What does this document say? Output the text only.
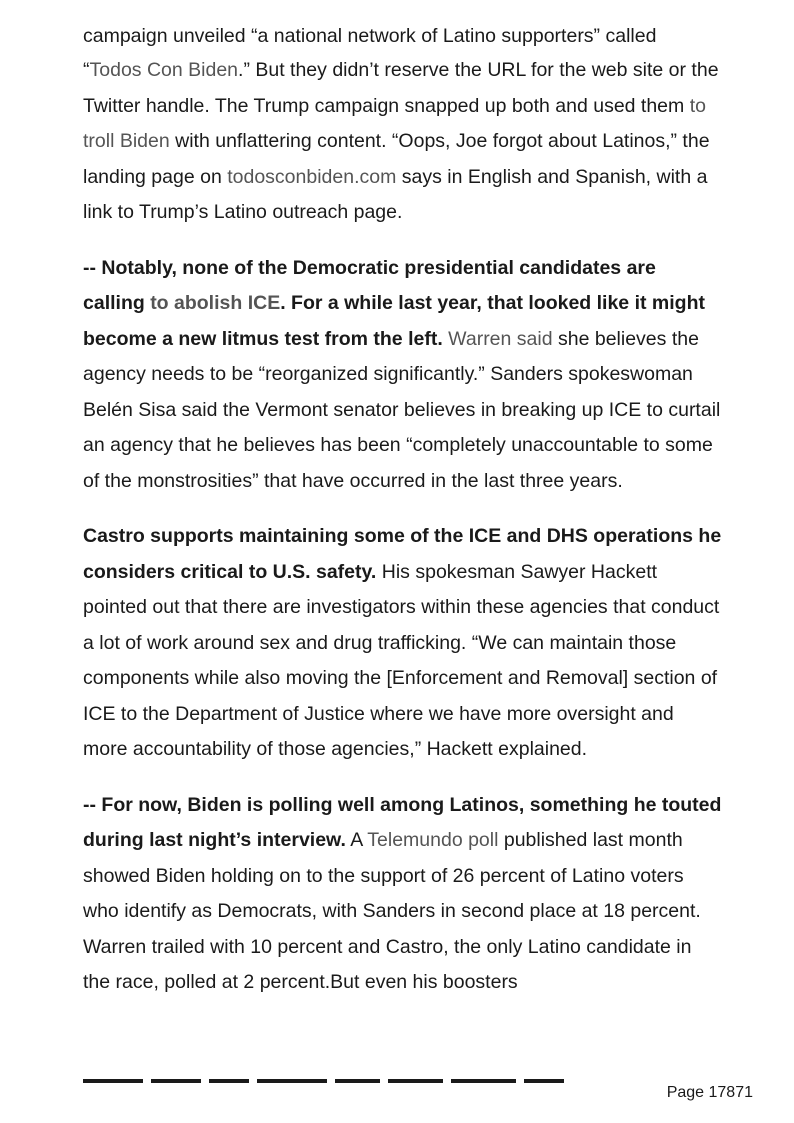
campaign unveiled “a national network of Latino supporters” called

“Todos Con Biden.” But they didn’t reserve the URL for the web site or the Twitter handle. The Trump campaign snapped up both and used them to troll Biden with unflattering content. “Oops, Joe forgot about Latinos,” the landing page on todosconbiden.com says in English and Spanish, with a link to Trump’s Latino outreach page.

-- Notably, none of the Democratic presidential candidates are calling to abolish ICE. For a while last year, that looked like it might become a new litmus test from the left. Warren said she believes the agency needs to be “reorganized significantly.” Sanders spokeswoman Belén Sisa said the Vermont senator believes in breaking up ICE to curtail an agency that he believes has been “completely unaccountable to some of the monstrosities” that have occurred in the last three years.

Castro supports maintaining some of the ICE and DHS operations he considers critical to U.S. safety. His spokesman Sawyer Hackett pointed out that there are investigators within these agencies that conduct a lot of work around sex and drug trafficking. “We can maintain those components while also moving the [Enforcement and Removal] section of ICE to the Department of Justice where we have more oversight and more accountability of those agencies,” Hackett explained.

-- For now, Biden is polling well among Latinos, something he touted during last night’s interview. A Telemundo poll published last month showed Biden holding on to the support of 26 percent of Latino voters who identify as Democrats, with Sanders in second place at 18 percent. Warren trailed with 10 percent and Castro, the only Latino candidate in the race, polled at 2 percent.But even his boosters

Page 17871
